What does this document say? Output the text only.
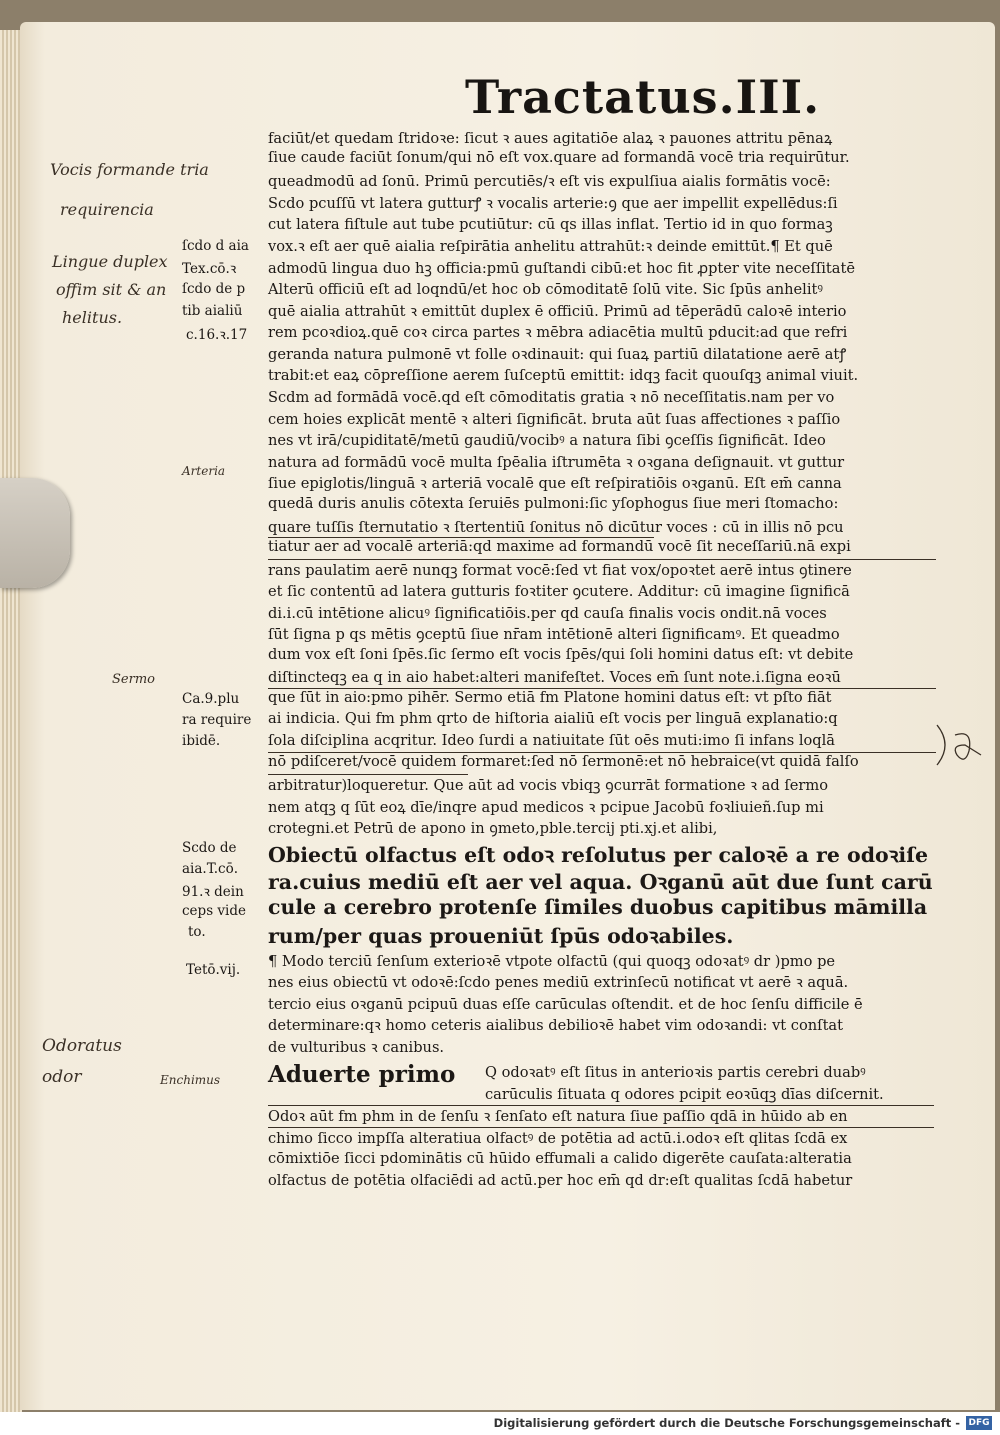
Tractatus.III.
faciūt/et quedam ſtridoꝛe: ſicut ꝛ aues agitatiōe alaꝝ ꝛ pauones attritu pēnaꝝ
ſiue caude faciūt ſonum/qui nō eſt vox.quare ad formandā vocē tria requirūtur.
queadmodū ad ſonū. Primū percutiēs/ꝛ eſt vis expulſiua aialis formātis vocē:
Scdo pcuſſū vt latera gutturꝭ ꝛ vocalis arterie:ꝯ que aer impellit expellēdus:ſi
cut latera fiſtule aut tube pcutiūtur: cū qs illas inflat. Tertio id in quo formaꝫ
vox.ꝛ eſt aer quē aialia reſpirātia anhelitu attrahūt:ꝛ deinde emittūt.¶ Et quē
admodū lingua duo hꝫ officia:pmū guſtandi cibū:et hoc fit ꝓpter vite neceſſitatē
Alterū officiū eſt ad loqndū/et hoc ob cōmoditatē ſolū vite. Sic ſpūs anhelitꝰ
quē aialia attrahūt ꝛ emittūt duplex ē officiū. Primū ad tēperādū caloꝛē interio
rem pcoꝛdioꝝ.quē coꝛ circa partes ꝛ mēbra adiacētia multū pducit:ad que refri
geranda natura pulmonē vt folle oꝛdinauit: qui ſuaꝝ partiū dilatatione aerē atꝭ
trabit:et eaꝝ cōpreſſione aerem ſuſceptū emittit: idqꝫ facit quouſqꝫ animal viuit.
Scdm ad formādā vocē.qd eſt cōmoditatis gratia ꝛ nō neceſſitatis.nam per vo
cem hoies explicāt mentē ꝛ alteri ſignificāt. bruta aūt ſuas affectiones ꝛ paſſio
nes vt irā/cupiditatē/metū gaudiū/vocibꝰ a natura ſibi ꝯceſſis ſignificāt. Ideo
natura ad formādū vocē multa ſpēalia iſtrumēta ꝛ oꝛgana deſignauit. vt guttur
ſiue epiglotis/linguā ꝛ arteriā vocalē que eſt reſpiratiōis oꝛganū. Eſt em̄ canna
quedā duris anulis cōtexta ſeruiēs pulmoni:ſic yſophogus ſiue meri ſtomacho:
quare tuſſis ſternutatio ꝛ ſtertentiū ſonitus nō dicūtur voces : cū in illis nō pcu
tiatur aer ad vocalē arteriā:qd maxime ad formandū vocē ſit neceſſariū.nā expi
rans paulatim aerē nunqꝫ format vocē:ſed vt fiat vox/opoꝛtet aerē intus ꝯtinere
et ſic contentū ad latera gutturis foꝛtiter ꝯcutere. Additur: cū imagine ſignificā
di.i.cū intētione alicuꝰ ſignificatiōis.per qd cauſa finalis vocis ondit.nā voces
ſūt ſigna p qs mētis ꝯceptū ſiue nr̄am intētionē alteri ſignificamꝰ. Et queadmo
dum vox eſt ſoni ſpēs.ſic ſermo eſt vocis ſpēs/qui ſoli homini datus eſt: vt debite
diſtincteqꝫ ea q in aio habet:alteri manifeſtet. Voces em̄ ſunt note.i.ſigna eoꝛū
que ſūt in aio:pmo pihēr. Sermo etiā fm Platone homini datus eſt: vt pſto fiāt
ai indicia. Qui fm phm qrto de hiſtoria aialiū eſt vocis per linguā explanatio:q
ſola diſciplina acqritur. Ideo ſurdi a natiuitate ſūt oēs muti:imo ſi infans loqlā
nō pdiſceret/vocē quidem formaret:ſed nō ſermonē:et nō hebraice(vt quidā falſo
arbitratur)loqueretur. Que aūt ad vocis vbiqꝫ ꝯcurrāt formatione ꝛ ad ſermo
nem atqꝫ q ſūt eoꝝ dīe/inqre apud medicos ꝛ pcipue Jacobū foꝛliuieñ.ſup mi
crotegni.et Petrū de apono in ꝯmeto,pble.tercij pti.xj.et alibi,
Obiectū olfactus eſt odoꝛ reſolutus per caloꝛē a re odoꝛiſe
ra.cuius mediū eſt aer vel aqua. Oꝛganū aūt due ſunt carū
cule a cerebro protenſe ſimiles duobus capitibus māmilla
rum/per quas proueniūt ſpūs odoꝛabiles.
¶ Modo terciū ſenſum exterioꝛē vtpote olfactū (qui quoqꝫ odoꝛatꝰ dr )pmo pe
nes eius obiectū vt odoꝛē:ſcdo penes mediū extrinſecū notificat vt aerē ꝛ aquā.
tercio eius oꝛganū pcipuū duas eſſe carūculas oſtendit. et de hoc ſenſu difficile ē
determinare:qꝛ homo ceteris aialibus debilioꝛē habet vim odoꝛandi: vt conſtat
de vulturibus ꝛ canibus.
Aduerte primo Q odoꝛatꝰ eſt ſitus in anterioꝛis partis cerebri duabꝰ
carūculis ſituata q odores pcipit eoꝛūqꝫ dīas diſcernit.
Odoꝛ aūt fm phm in de ſenſu ꝛ ſenſato eſt natura ſiue paſſio qdā in hūido ab en
chimo ſicco impſſa alteratiua olfactꝰ de potētia ad actū.i.odoꝛ eſt qlitas ſcdā ex
cōmixtiōe ſicci pdominātis cū hūido effumali a calido digerēte cauſata:alteratia
olfactus de potētia olfaciēdi ad actū.per hoc em̄ qd dr:eſt qualitas ſcdā habetur
ſcdo d aia
Tex.cō.ꝛ
ſcdo de p
tib aialiū
c.16.ꝛ.17
Ca.9.plu
ra require
ibidē.
Scdo de
aia.T.cō.
91.ꝛ dein
ceps vide
to.
Tetō.vij.
Vocis formande tria
requirencia
Lingue duplex
offim sit & an
helitus.
Arteria
Sermo
Odoratus
odor	Enchimus
Digitalisierung gefördert durch die Deutsche Forschungsgemeinschaft - DFG
